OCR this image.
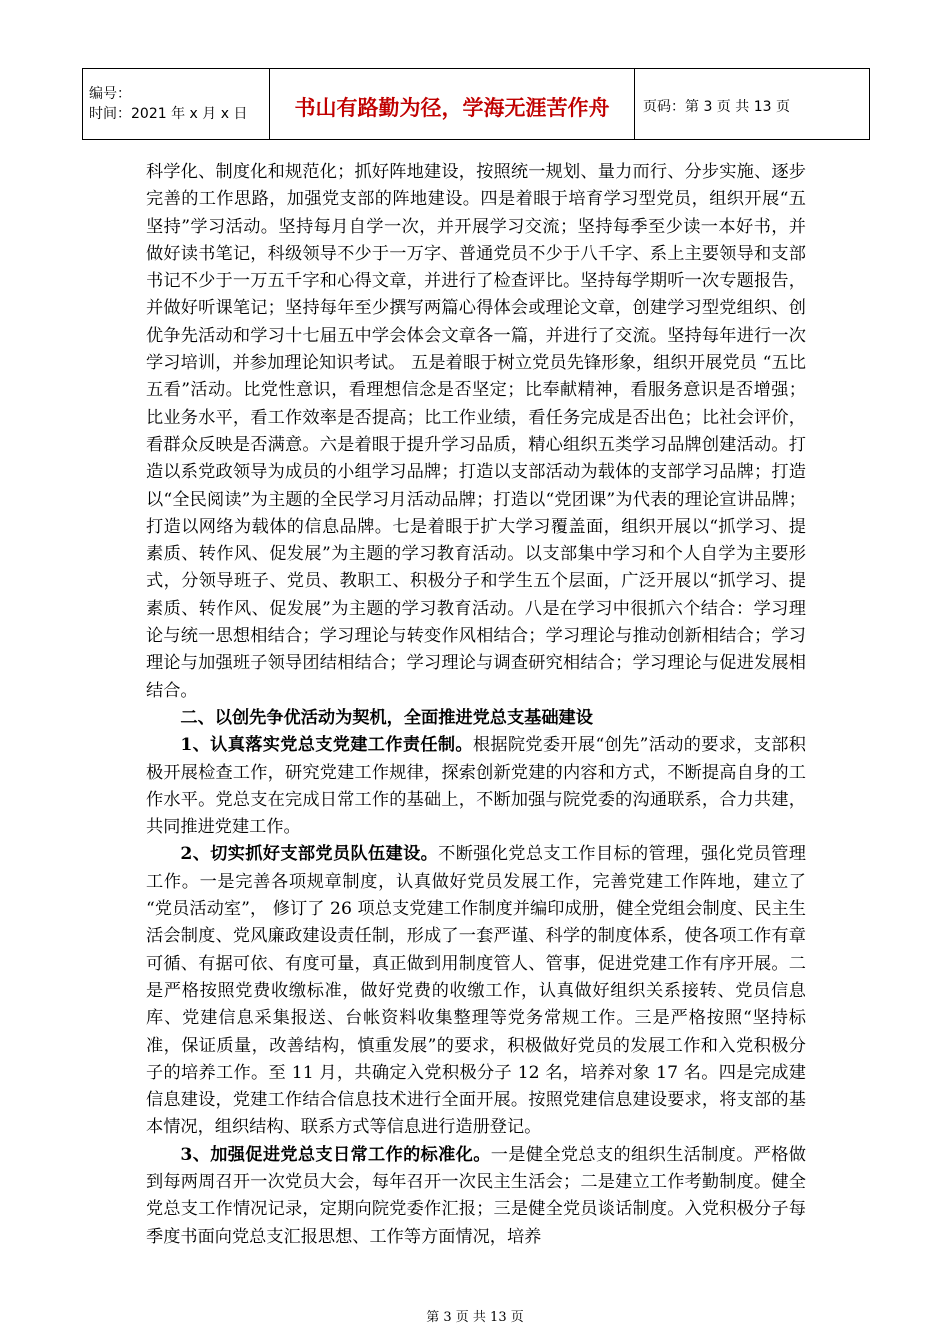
编号：
时间：2021 年 x 月 x 日	书山有路勤为径，学海无涯苦作舟	页码：第 3 页 共 13 页

科学化、制度化和规范化；抓好阵地建设，按照统一规划、量力而行、分步实施、逐步完善的工作思路，加强党支部的阵地建设。四是着眼于培育学习型党员，组织开展“五坚持”学习活动。坚持每月自学一次，并开展学习交流；坚持每季至少读一本好书，并做好读书笔记，科级领导不少于一万字、普通党员不少于八千字、系上主要领导和支部书记不少于一万五千字和心得文章，并进行了检查评比。坚持每学期听一次专题报告，并做好听课笔记；坚持每年至少撰写两篇心得体会或理论文章，创建学习型党组织、创优争先活动和学习十七届五中学会体会文章各一篇，并进行了交流。坚持每年进行一次学习培训，并参加理论知识考试。 五是着眼于树立党员先锋形象，组织开展党员 “五比五看”活动。比党性意识，看理想信念是否坚定；比奉献精神，看服务意识是否增强；比业务水平，看工作效率是否提高；比工作业绩，看任务完成是否出色；比社会评价，看群众反映是否满意。六是着眼于提升学习品质，精心组织五类学习品牌创建活动。打造以系党政领导为成员的小组学习品牌；打造以支部活动为载体的支部学习品牌；打造以“全民阅读”为主题的全民学习月活动品牌；打造以“党团课”为代表的理论宣讲品牌；打造以网络为载体的信息品牌。七是着眼于扩大学习覆盖面，组织开展以“抓学习、提素质、转作风、促发展”为主题的学习教育活动。以支部集中学习和个人自学为主要形式，分领导班子、党员、教职工、积极分子和学生五个层面，广泛开展以“抓学习、提素质、转作风、促发展”为主题的学习教育活动。八是在学习中很抓六个结合：学习理论与统一思想相结合；学习理论与转变作风相结合；学习理论与推动创新相结合；学习理论与加强班子领导团结相结合；学习理论与调查研究相结合；学习理论与促进发展相结合。

二、以创先争优活动为契机，全面推进党总支基础建设

1、认真落实党总支党建工作责任制。根据院党委开展“创先”活动的要求，支部积极开展检查工作，研究党建工作规律，探索创新党建的内容和方式，不断提高自身的工作水平。党总支在完成日常工作的基础上，不断加强与院党委的沟通联系，合力共建，共同推进党建工作。

2、切实抓好支部党员队伍建设。不断强化党总支工作目标的管理，强化党员管理工作。一是完善各项规章制度，认真做好党员发展工作，完善党建工作阵地，建立了 “党员活动室”， 修订了 26 项总支党建工作制度并编印成册，健全党组会制度、民主生活会制度、党风廉政建设责任制，形成了一套严谨、科学的制度体系，使各项工作有章可循、有据可依、有度可量，真正做到用制度管人、管事，促进党建工作有序开展。二是严格按照党费收缴标准，做好党费的收缴工作，认真做好组织关系接转、党员信息库、党建信息采集报送、台帐资料收集整理等党务常规工作。三是严格按照“坚持标准，保证质量，改善结构，慎重发展”的要求，积极做好党员的发展工作和入党积极分子的培养工作。至 11 月，共确定入党积极分子 12 名，培养对象 17 名。四是完成建信息建设，党建工作结合信息技术进行全面开展。按照党建信息建设要求，将支部的基本情况，组织结构、联系方式等信息进行造册登记。

3、加强促进党总支日常工作的标准化。一是健全党总支的组织生活制度。严格做到每两周召开一次党员大会，每年召开一次民主生活会；二是建立工作考勤制度。健全党总支工作情况记录，定期向院党委作汇报；三是健全党员谈话制度。入党积极分子每季度书面向党总支汇报思想、工作等方面情况，培养

第 3 页 共 13 页
